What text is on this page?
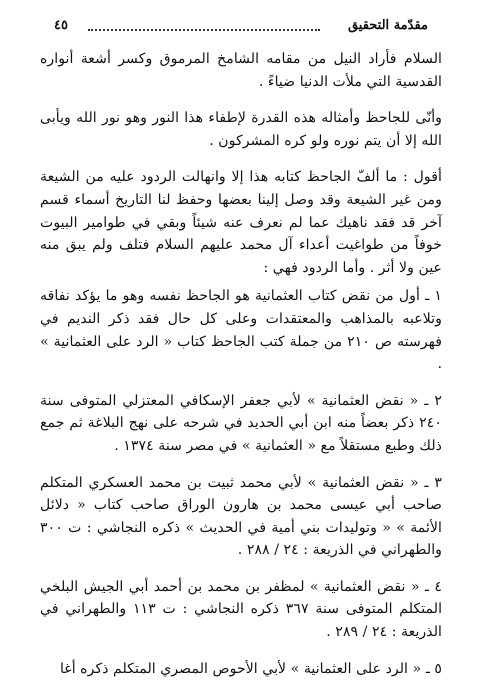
مقدّمة التحقيق
٤٥

السلام فأراد النيل من مقامه الشامخ المرموق وكسر أشعة أنواره القدسية التي ملأت الدنيا ضياءً .

وأنّى للجاحظ وأمثاله هذه القدرة لإطفاء هذا النور وهو نور الله ويأبى الله إلا أن يتم نوره ولو كره المشركون .

أقول : ما ألفّ الجاحظ كتابه هذا إلا وانهالت الردود عليه من الشيعة ومن غير الشيعة وقد وصل إلينا بعضها وحفظ لنا التاريخ أسماء قسم آخر قد فقد ناهيك عما لم نعرف عنه شيئاً وبقي في طوامير البيوت خوفاً من طواغيت أعداء آل محمد عليهم السلام فتلف ولم يبق منه عين ولا أثر . وأما الردود فهي :

١ ـ أول من نقض كتاب العثمانية هو الجاحظ نفسه وهو ما يؤكد نفاقه وتلاعبه بالمذاهب والمعتقدات وعلى كل حال فقد ذكر النديم في فهرسته ص ٢١٠ من جملة كتب الجاحظ كتاب « الرد على العثمانية » .

٢ ـ « نقض العثمانية » لأبي جعفر الإسكافي المعتزلي المتوفى سنة ٢٤٠ ذكر بعضاً منه ابن أبي الحديد في شرحه على نهج البلاغة ثم جمع ذلك وطبع مستقلاً مع « العثمانية » في مصر سنة ١٣٧٤ .

٣ ـ « نقض العثمانية » لأبي محمد ثبيت بن محمد العسكري المتكلم صاحب أبي عيسى محمد بن هارون الوراق صاحب كتاب « دلائل الأئمة » « وتوليدات بني أمية في الحديث » ذكره النجاشي : ت ٣٠٠ والطهراني في الذريعة : ٢٤ / ٢٨٨ .

٤ ـ « نقض العثمانية » لمظفر بن محمد بن أحمد أبي الجيش البلخي المتكلم المتوفى سنة ٣٦٧ ذكره النجاشي : ت ١١٣ والطهراني في الذريعة : ٢٤ / ٢٨٩ .

٥ ـ « الرد على العثمانية » لأبي الأحوص المصري المتكلم ذكره أغا
